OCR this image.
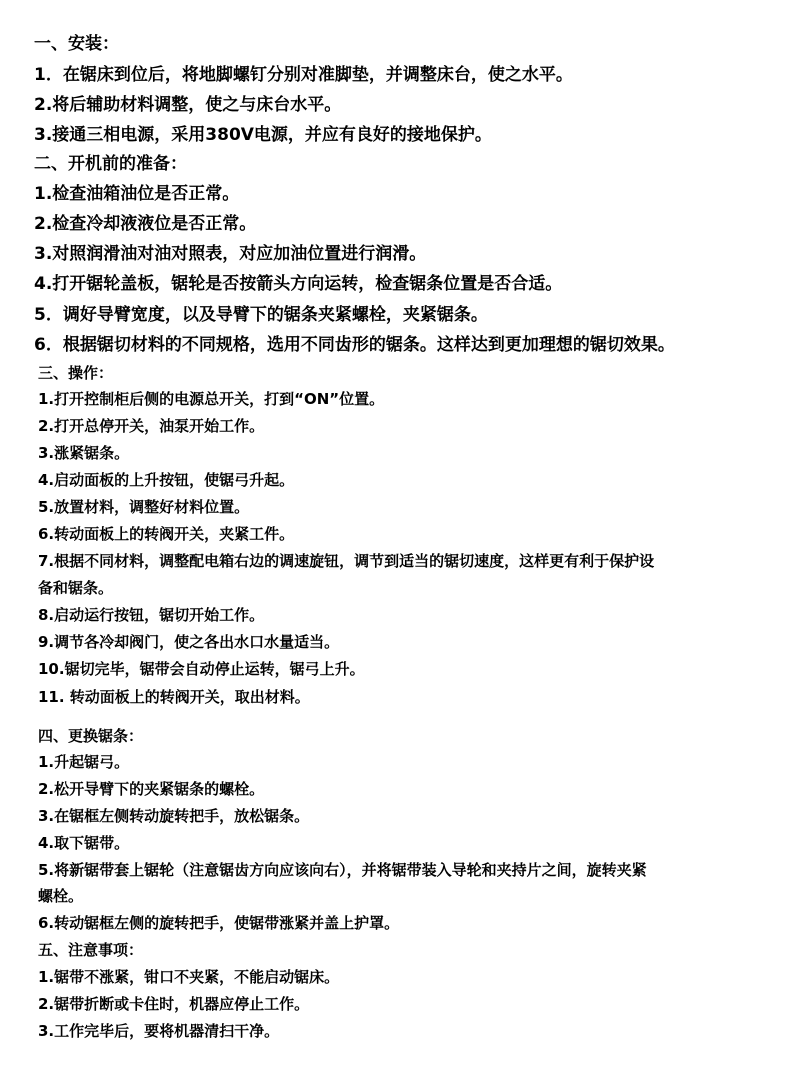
一、安装：
1．在锯床到位后，将地脚螺钉分别对准脚垫，并调整床台，使之水平。
2.将后辅助材料调整，使之与床台水平。
3.接通三相电源，采用380V电源，并应有良好的接地保护。
二、开机前的准备：
1.检查油箱油位是否正常。
2.检查冷却液液位是否正常。
3.对照润滑油对油对照表，对应加油位置进行润滑。
4.打开锯轮盖板，锯轮是否按箭头方向运转，检查锯条位置是否合适。
5．调好导臂宽度，以及导臂下的锯条夹紧螺栓，夹紧锯条。
6．根据锯切材料的不同规格，选用不同齿形的锯条。这样达到更加理想的锯切效果。
三、操作：
1.打开控制柜后侧的电源总开关，打到“ON”位置。
2.打开总停开关，油泵开始工作。
3.涨紧锯条。
4.启动面板的上升按钮，使锯弓升起。
5.放置材料，调整好材料位置。
6.转动面板上的转阀开关，夹紧工件。
7.根据不同材料，调整配电箱右边的调速旋钮，调节到适当的锯切速度，这样更有利于保护设
备和锯条。
8.启动运行按钮，锯切开始工作。
9.调节各冷却阀门，使之各出水口水量适当。
10.锯切完毕，锯带会自动停止运转，锯弓上升。
11. 转动面板上的转阀开关，取出材料。
四、更换锯条：
1.升起锯弓。
2.松开导臂下的夹紧锯条的螺栓。
3.在锯框左侧转动旋转把手，放松锯条。
4.取下锯带。
5.将新锯带套上锯轮（注意锯齿方向应该向右），并将锯带装入导轮和夹持片之间，旋转夹紧
螺栓。
6.转动锯框左侧的旋转把手，使锯带涨紧并盖上护罩。
五、注意事项：
1.锯带不涨紧，钳口不夹紧，不能启动锯床。
2.锯带折断或卡住时，机器应停止工作。
3.工作完毕后，要将机器清扫干净。
